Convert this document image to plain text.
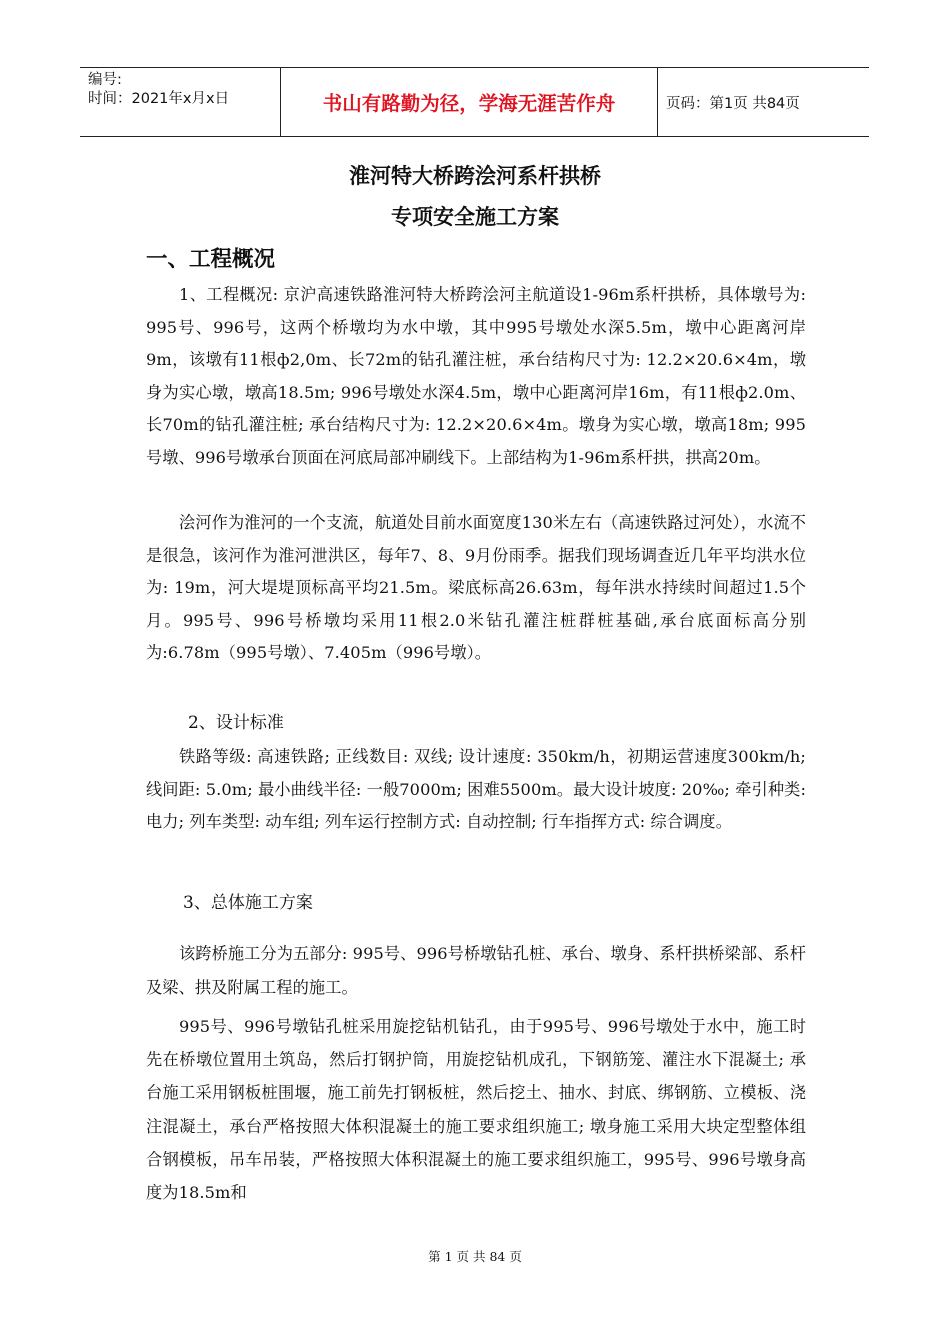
编号:
时间：2021年x月x日	书山有路勤为径，学海无涯苦作舟	页码：第1页 共84页
淮河特大桥跨浍河系杆拱桥
专项安全施工方案
一、工程概况

1、工程概况: 京沪高速铁路淮河特大桥跨浍河主航道设1-96m系杆拱桥，具体墩号为: 995号、996号，这两个桥墩均为水中墩，其中995号墩处水深5.5m，墩中心距离河岸9m，该墩有11根ф2,0m、长72m的钻孔灌注桩，承台结构尺寸为: 12.2×20.6×4m，墩身为实心墩，墩高18.5m; 996号墩处水深4.5m，墩中心距离河岸16m，有11根ф2.0m、长70m的钻孔灌注桩; 承台结构尺寸为: 12.2×20.6×4m。墩身为实心墩，墩高18m; 995号墩、996号墩承台顶面在河底局部冲刷线下。上部结构为1-96m系杆拱，拱高20m。

浍河作为淮河的一个支流，航道处目前水面宽度130米左右（高速铁路过河处），水流不是很急，该河作为淮河泄洪区，每年7、8、9月份雨季。据我们现场调查近几年平均洪水位为: 19m，河大堤堤顶标高平均21.5m。梁底标高26.63m，每年洪水持续时间超过1.5个月。995号、996号桥墩均采用11根2.0米钻孔灌注桩群桩基础,承台底面标高分别为:6.78m（995号墩）、7.405m（996号墩）。

2、设计标准

铁路等级: 高速铁路; 正线数目: 双线; 设计速度: 350km/h，初期运营速度300km/h; 线间距: 5.0m; 最小曲线半径: 一般7000m; 困难5500m。最大设计坡度: 20‰; 牵引种类: 电力; 列车类型: 动车组; 列车运行控制方式: 自动控制; 行车指挥方式: 综合调度。

3、总体施工方案

该跨桥施工分为五部分: 995号、996号桥墩钻孔桩、承台、墩身、系杆拱桥梁部、系杆及梁、拱及附属工程的施工。

995号、996号墩钻孔桩采用旋挖钻机钻孔，由于995号、996号墩处于水中，施工时先在桥墩位置用土筑岛，然后打钢护筒，用旋挖钻机成孔，下钢筋笼、灌注水下混凝土; 承台施工采用钢板桩围堰，施工前先打钢板桩，然后挖土、抽水、封底、绑钢筋、立模板、浇注混凝土，承台严格按照大体积混凝土的施工要求组织施工; 墩身施工采用大块定型整体组合钢模板，吊车吊装，严格按照大体积混凝土的施工要求组织施工，995号、996号墩身高度为18.5m和

第 1 页 共 84 页
